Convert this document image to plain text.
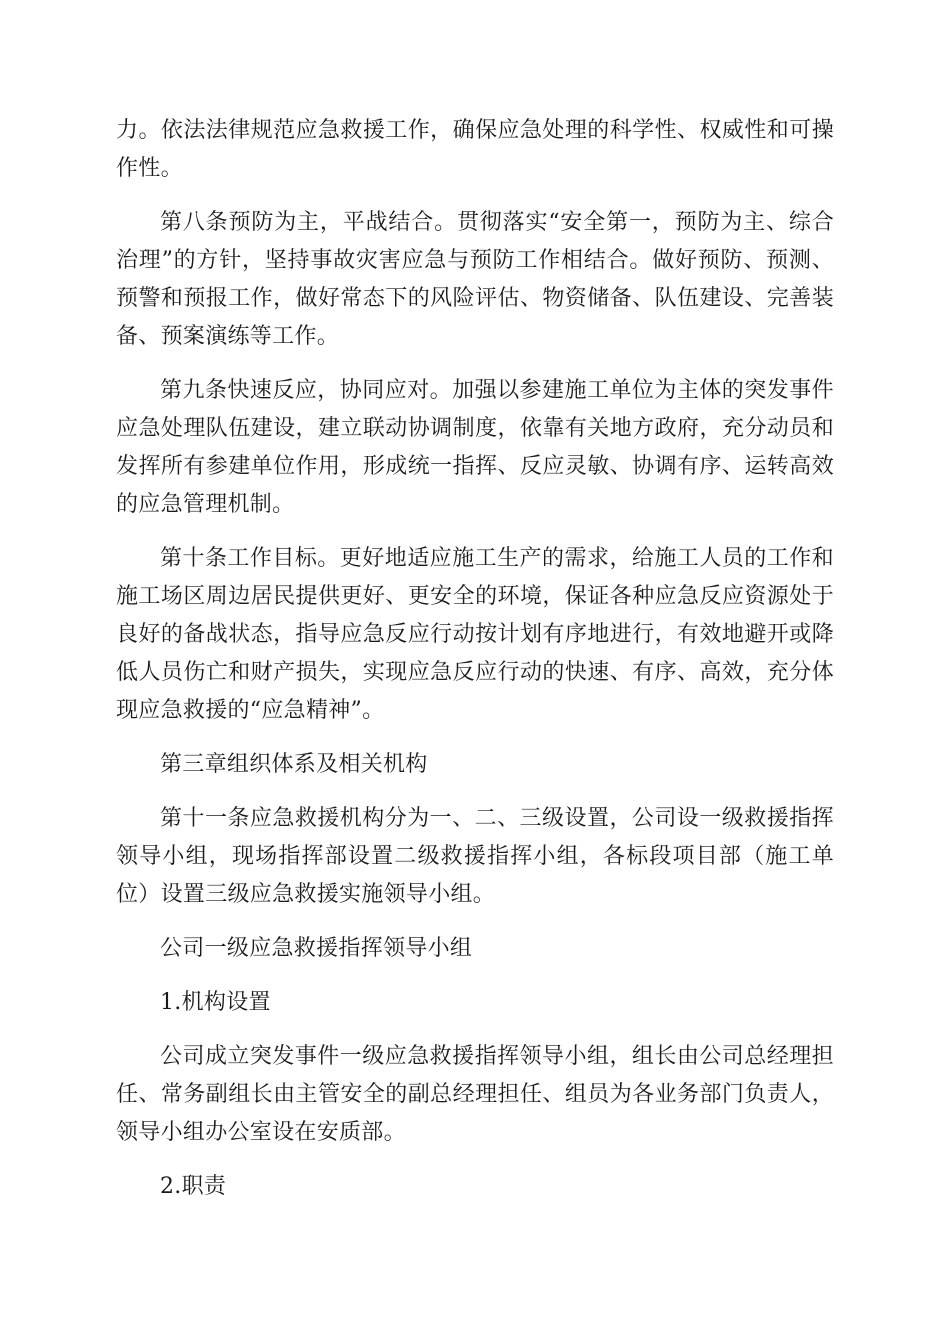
力。依法法律规范应急救援工作，确保应急处理的科学性、权威性和可操作性。

第八条预防为主，平战结合。贯彻落实“安全第一，预防为主、综合治理”的方针，坚持事故灾害应急与预防工作相结合。做好预防、预测、预警和预报工作，做好常态下的风险评估、物资储备、队伍建设、完善装备、预案演练等工作。

第九条快速反应，协同应对。加强以参建施工单位为主体的突发事件应急处理队伍建设，建立联动协调制度，依靠有关地方政府，充分动员和发挥所有参建单位作用，形成统一指挥、反应灵敏、协调有序、运转高效的应急管理机制。

第十条工作目标。更好地适应施工生产的需求，给施工人员的工作和施工场区周边居民提供更好、更安全的环境，保证各种应急反应资源处于良好的备战状态，指导应急反应行动按计划有序地进行，有效地避开或降低人员伤亡和财产损失，实现应急反应行动的快速、有序、高效，充分体现应急救援的“应急精神”。

第三章组织体系及相关机构

第十一条应急救援机构分为一、二、三级设置，公司设一级救援指挥领导小组，现场指挥部设置二级救援指挥小组，各标段项目部（施工单位）设置三级应急救援实施领导小组。

公司一级应急救援指挥领导小组

1.机构设置

公司成立突发事件一级应急救援指挥领导小组，组长由公司总经理担任、常务副组长由主管安全的副总经理担任、组员为各业务部门负责人，领导小组办公室设在安质部。

2.职责
